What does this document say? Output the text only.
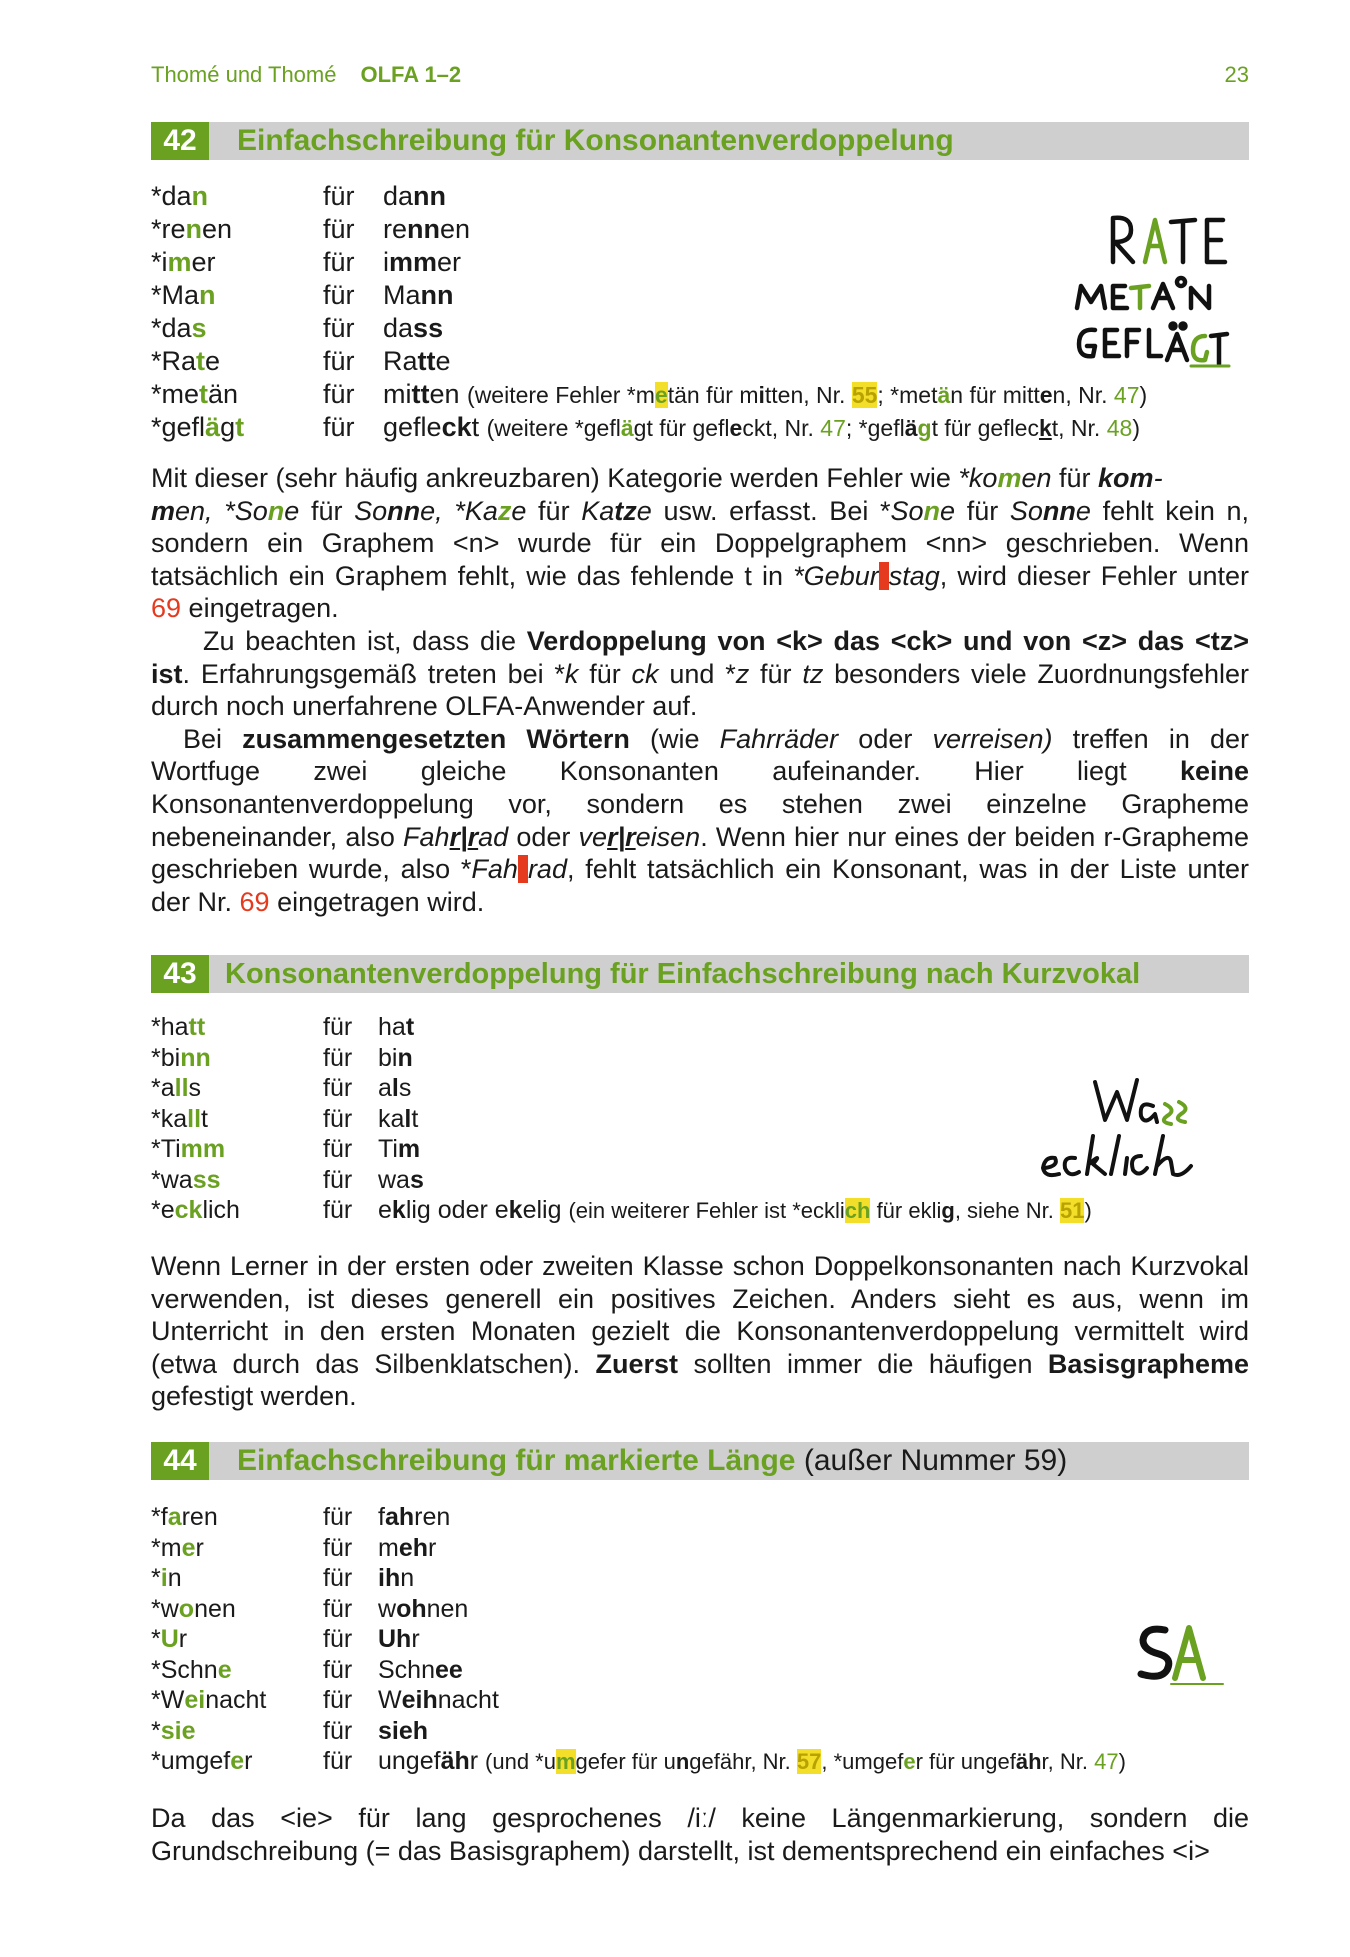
Thomé und Thomé OLFA 1–2	23
42	Einfachschreibung für Konsonantenverdoppelung
*dan	für dann
*renen	für rennen
*imer	für immer
*Man	für Mann
*das	für dass
*Rate	für Ratte
*metän	für mitten (weitere Fehler *metän für mitten, Nr. 55; *metän für mitten, Nr. 47)
*geflägt	für gefleckt (weitere *geflägt für gefleckt, Nr. 47; *geflägt für gefleckt, Nr. 48)

Mit dieser (sehr häufig ankreuzbaren) Kategorie werden Fehler wie *komen für kom-
men, *Sone für Sonne, *Kaze für Katze usw. erfasst. Bei *Sone für Sonne fehlt kein n, sondern ein Graphem <n> wurde für ein Doppelgraphem <nn> geschrieben. Wenn tatsächlich ein Graphem fehlt, wie das fehlende t in *Gebur stag, wird dieser Fehler unter 69 eingetragen.

Zu beachten ist, dass die Verdoppelung von <k> das <ck> und von <z> das <tz> ist. Erfahrungsgemäß treten bei *k für ck und *z für tz besonders viele Zuordnungsfehler durch noch unerfahrene OLFA-Anwender auf.

Bei zusammengesetzten Wörtern (wie Fahrräder oder verreisen) treffen in der Wortfuge zwei gleiche Konsonanten aufeinander. Hier liegt keine Konsonantenverdoppelung vor, sondern es stehen zwei einzelne Grapheme nebeneinander, also Fahr|rad oder ver|reisen. Wenn hier nur eines der beiden r-Grapheme geschrieben wurde, also *Fah rad, fehlt tatsächlich ein Konsonant, was in der Liste unter der Nr. 69 eingetragen wird.

43 Konsonantenverdoppelung für Einfachschreibung nach Kurzvokal
*hatt	für hat
*binn	für bin
*alls	für als
*kallt	für kalt
*Timm	für Tim
*wass	für was
*ecklich	für eklig oder ekelig (ein weiterer Fehler ist *ecklich für eklig, siehe Nr. 51)

Wenn Lerner in der ersten oder zweiten Klasse schon Doppelkonsonanten nach Kurzvokal verwenden, ist dieses generell ein positives Zeichen. Anders sieht es aus, wenn im Unterricht in den ersten Monaten gezielt die Konsonantenverdoppelung vermittelt wird (etwa durch das Silbenklatschen). Zuerst sollten immer die häufigen Basisgrapheme gefestigt werden.

44	Einfachschreibung für markierte Länge (außer Nummer 59)
*faren	für fahren
*mer	für mehr
*in	für ihn
*wonen	für wohnen
*Ur	für Uhr
*Schne	für Schnee
*Weinacht für Weihnacht
*sie	für sieh
*umgefer	für ungefähr (und *umgefer für ungefähr, Nr. 57, *umgefer für ungefähr, Nr. 47)

Da das <ie> für lang gesprochenes /iː/ keine Längenmarkierung, sondern die Grundschreibung (= das Basisgraphem) darstellt, ist dementsprechend ein einfaches <i>
